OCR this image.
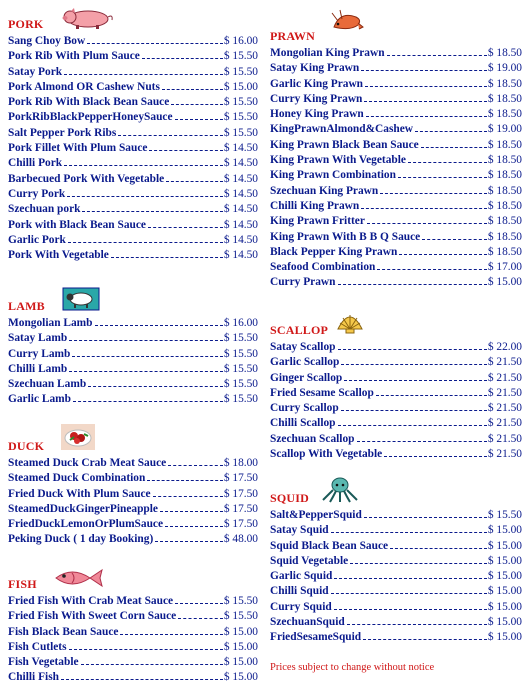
PORK
Sang Choy Bow	$ 16.00
Pork Rib With Plum Sauce	$ 15.50
Satay Pork	$ 15.50
Pork Almond OR Cashew Nuts	$ 15.00
Pork Rib With Black Bean Sauce	$ 15.50
PorkRibBlackPepperHoneySauce	$ 15.50
Salt Pepper Pork Ribs	$ 15.50
Pork Fillet With Plum Sauce	$ 14.50
Chilli Pork	$ 14.50
Barbecued Pork With Vegetable	$ 14.50
Curry Pork	$ 14.50
Szechuan pork	$ 14.50
Pork with Black Bean Sauce	$ 14.50
Garlic Pork	$ 14.50
Pork With Vegetable	$ 14.50
LAMB
Mongolian Lamb	$ 16.00
Satay Lamb	$ 15.50
Curry Lamb	$ 15.50
Chilli Lamb	$ 15.50
Szechuan Lamb	$ 15.50
Garlic Lamb	$ 15.50
DUCK
Steamed Duck Crab Meat Sauce	$ 18.00
Steamed Duck Combination	$ 17.50
Fried Duck With Plum Sauce	$ 17.50
SteamedDuckGingerPineapple	$ 17.50
FriedDuckLemonOrPlumSauce	$ 17.50
Peking Duck ( 1 day Booking)	$ 48.00
FISH
Fried Fish With Crab Meat Sauce	$ 15.50
Fried Fish With Sweet Corn Sauce	$ 15.50
Fish Black Bean Sauce	$ 15.00
Fish Cutlets	$ 15.00
Fish Vegetable	$ 15.00
Chilli Fish	$ 15.00
PRAWN
Mongolian King Prawn	$ 18.50
Satay King Prawn	$ 19.00
Garlic King Prawn	$ 18.50
Curry King Prawn	$ 18.50
Honey King Prawn	$ 18.50
KingPrawnAlmond&Cashew	$ 19.00
King Prawn Black Bean Sauce	$ 18.50
King Prawn With Vegetable	$ 18.50
King Prawn Combination	$ 18.50
Szechuan King Prawn	$ 18.50
Chilli King Prawn	$ 18.50
King Prawn Fritter	$ 18.50
King Prawn With B B Q Sauce	$ 18.50
Black Pepper King Prawn	$ 18.50
Seafood Combination	$ 17.00
Curry Prawn	$ 15.00
SCALLOP
Satay Scallop	$ 22.00
Garlic Scallop	$ 21.50
Ginger Scallop	$ 21.50
Fried Sesame Scallop	$ 21.50
Curry Scallop	$ 21.50
Chilli Scallop	$ 21.50
Szechuan Scallop	$ 21.50
Scallop With Vegetable	$ 21.50
SQUID
Salt&PepperSquid	$ 15.50
Satay Squid	$ 15.00
Squid Black Bean Sauce	$ 15.00
Squid Vegetable	$ 15.00
Garlic Squid	$ 15.00
Chilli Squid	$ 15.00
Curry Squid	$ 15.00
SzechuanSquid	$ 15.00
FriedSesameSquid	$ 15.00
Prices subject to change without notice
